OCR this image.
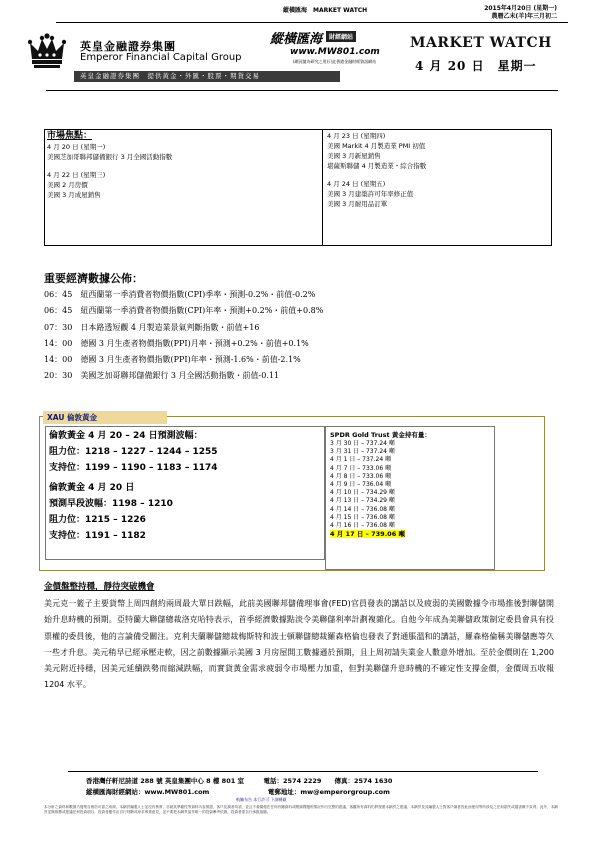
縱橫匯海　MARKET WATCH	2015年4月20日 (星期一)
農曆乙未(羊)年三月初二
英皇金融證券集團
Emperor Financial Capital Group
英皇金融證券集團　提供黃金・外匯・股票・期貨交易
縱橫匯海	財經網站
www.MW801.com
(網頁隨為研究之用)只此香港金融財經資訊網站
MARKET WATCH
4 月 20 日　星期一
市場焦點：
4 月 20 日 (星期一)
美國芝加哥聯邦儲備銀行 3 月全國活動指數
4 月 22 日 (星期三)
美國 2 月房價
美國 3 月成屋銷售
4 月 23 日 (星期四)
美國 Markit 4 月製造業 PMI 初值
美國 3 月新屋銷售
堪薩斯聯儲 4 月製造業・綜合指數
4 月 24 日 (星期五)
美國 3 月建築許可年率修正值
美國 3 月耐用品訂單
重要經濟數據公佈：
06：45　紐西蘭第一季消費者物價指數(CPI)季率・預測-0.2%・前值-0.2%
06：45　紐西蘭第一季消費者物價指數(CPI)年率・預測+0.2%・前值+0.8%
07：30　日本路透短觀 4 月製造業景氣判斷指數・前值+16
14：00　德國 3 月生產者物價指數(PPI)月率・預測+0.2%・前值+0.1%
14：00　德國 3 月生產者物價指數(PPI)年率・預測-1.6%・前值-2.1%
20：30　美國芝加哥聯邦儲備銀行 3 月全國活動指數・前值-0.11
XAU 倫敦黃金
倫敦黃金 4 月 20 – 24 日預測波幅：
阻力位：1218 – 1227 – 1244 – 1255
支持位：1199 – 1190 – 1183 – 1174
倫敦黃金 4 月 20 日
預測早段波幅：1198 – 1210
阻力位：1215 – 1226
支持位：1191 – 1182
SPDR Gold Trust 黃金持有量：
3 月 30 日 – 737.24 噸
3 月 31 日 – 737.24 噸
4 月 1 日 – 737.24 噸
4 月 7 日 – 733.06 噸
4 月 8 日 – 733.06 噸
4 月 9 日 – 736.04 噸
4 月 10 日 – 734.29 噸
4 月 13 日 – 734.29 噸
4 月 14 日 – 736.08 噸
4 月 15 日 – 736.08 噸
4 月 16 日 – 736.08 噸
4 月 17 日 – 739.06 噸
金價盤整持穩，靜待突破機會
美元克一籃子主要貨幣上周四創約兩周最大單日跌幅，此前美國聯邦儲備理事會(FED)官員發表的講話以及疲弱的美國數據令市場推後對聯儲開始升息時機的預期。亞特蘭大聯儲總裁洛克哈特表示，首季經濟數據點淡令美聯儲利率計劃複雜化。自他今年成為美聯儲政策制定委員會具有投票權的委員後，他的言論備受關注。克利夫蘭聯儲總裁梅斯特和波士頓聯儲總裁羅森格倫也發表了對通脹溫和的講話，羅森格倫稱美聯儲應等久一些才升息。美元稍早已經承壓走軟，因之前數據顯示美國 3 月房屋開工數據遜於預期，且上周初請失業金人數意外增加。至於金價則在 1,200 美元附近持穩，因美元延續跌勢而縮減跌幅，而實貨黃金需求疲弱令市場壓力加重，但對美聯儲升息時機的不確定性支撐金價，金價周五收報 1204 水平。
香港灣仔軒尼詩道 288 號 英皇集團中心 8 樓 801 室　　　電話：2574 2229　　傳真：2574 1630
縱橫匯海財經網站：www.MW801.com　　　　　　　　　電郵地址：mw@emperorgroup.com
軌觸布告 本行許可 下調轉載
本分析之資料和數據乃搜集自相信可靠之來源，本網頁編製人士並沒有核實，亦就其準確性等資料內容保證，客戶及讀者均須，並且不會隨便在任何有關資料或閱讀問題的情況作出完整的建議，客觀所有資料仍將按照本網頁之建議，本網頁及其編製人士對客戶讀者因此而使用等所涉及之任何損失或損害概不負責。此外，本網頁並無推薦或建議任何投資項目，投資者應作出自行判斷或尋求專業意見，並不要把本網頁當作唯一的投資參考依據，投資者需自行承擔風險。
